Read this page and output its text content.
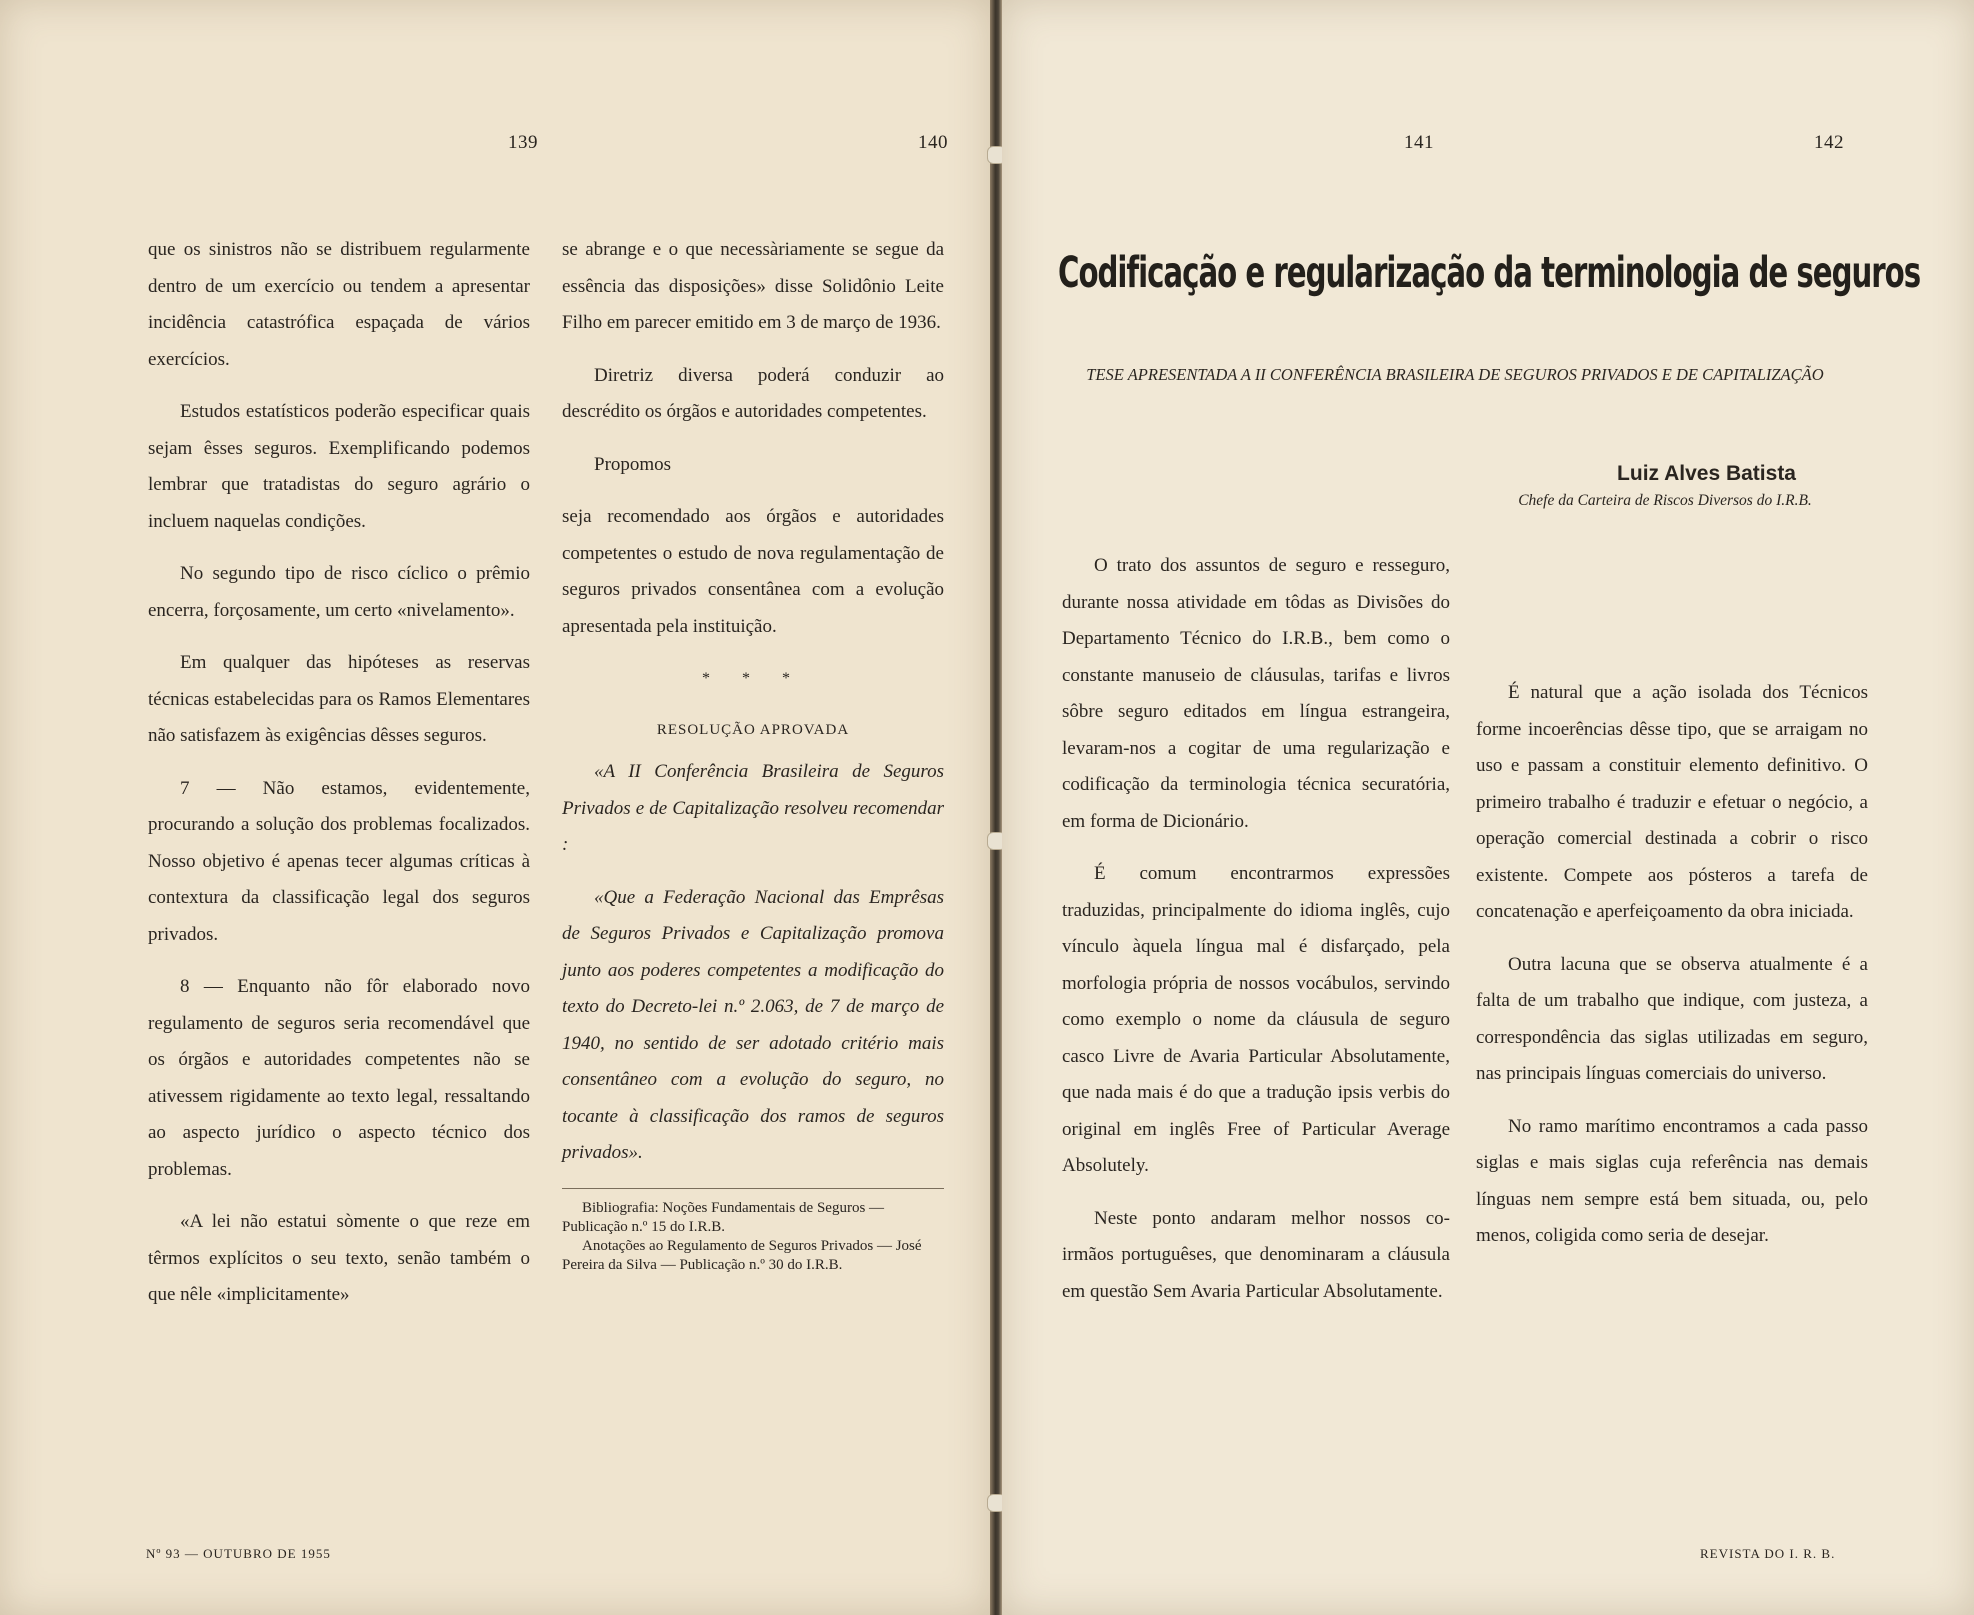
139	140

que os sinistros não se distribuem regularmente dentro de um exercício ou tendem a apresentar incidência catastrófica espaçada de vários exercícios.

Estudos estatísticos poderão especificar quais sejam êsses seguros. Exemplificando podemos lembrar que tratadistas do seguro agrário o incluem naquelas condições.

No segundo tipo de risco cíclico o prêmio encerra, forçosamente, um certo «nivelamento».

Em qualquer das hipóteses as reservas técnicas estabelecidas para os Ramos Elementares não satisfazem às exigências dêsses seguros.

7 — Não estamos, evidentemente, procurando a solução dos problemas focalizados. Nosso objetivo é apenas tecer algumas críticas à contextura da classificação legal dos seguros privados.

8 — Enquanto não fôr elaborado novo regulamento de seguros seria recomendável que os órgãos e autoridades competentes não se ativessem rigidamente ao texto legal, ressaltando ao aspecto jurídico o aspecto técnico dos problemas.

«A lei não estatui sòmente o que reze em têrmos explícitos o seu texto, senão também o que nêle «implicitamente»

se abrange e o que necessàriamente se segue da essência das disposições» disse Solidônio Leite Filho em parecer emitido em 3 de março de 1936.

Diretriz diversa poderá conduzir ao descrédito os órgãos e autoridades competentes.

Propomos

seja recomendado aos órgãos e autoridades competentes o estudo de nova regulamentação de seguros privados consentânea com a evolução apresentada pela instituição.

* * *
RESOLUÇÃO APROVADA

«A II Conferência Brasileira de Seguros Privados e de Capitalização resolveu recomendar :

«Que a Federação Nacional das Emprêsas de Seguros Privados e Capitalização promova junto aos poderes competentes a modificação do texto do Decreto-lei n.º 2.063, de 7 de março de 1940, no sentido de ser adotado critério mais consentâneo com a evolução do seguro, no tocante à classificação dos ramos de seguros privados».

Bibliografia: Noções Fundamentais de Seguros — Publicação n.º 15 do I.R.B.
Anotações ao Regulamento de Seguros Privados — José Pereira da Silva — Publicação n.º 30 do I.R.B.
Nº 93 — OUTUBRO DE 1955
141	142
REVISTA DO I. R. B.
Codificação e regularização da terminologia de seguros
TESE APRESENTADA A II CONFERÊNCIA BRASILEIRA DE SEGUROS PRIVADOS E DE CAPITALIZAÇÃO
Luiz Alves Batista
Chefe da Carteira de Riscos Diversos do I.R.B.

O trato dos assuntos de seguro e resseguro, durante nossa atividade em tôdas as Divisões do Departamento Técnico do I.R.B., bem como o constante manuseio de cláusulas, tarifas e livros sôbre seguro editados em língua estrangeira, levaram-nos a cogitar de uma regularização e codificação da terminologia técnica securatória, em forma de Dicionário.

É comum encontrarmos expressões traduzidas, principalmente do idioma inglês, cujo vínculo àquela língua mal é disfarçado, pela morfologia própria de nossos vocábulos, servindo como exemplo o nome da cláusula de seguro casco Livre de Avaria Particular Absolutamente, que nada mais é do que a tradução ipsis verbis do original em inglês Free of Particular Average Absolutely.

Neste ponto andaram melhor nossos co-irmãos portuguêses, que denominaram a cláusula em questão Sem Avaria Particular Absolutamente.

É natural que a ação isolada dos Técnicos forme incoerências dêsse tipo, que se arraigam no uso e passam a constituir elemento definitivo. O primeiro trabalho é traduzir e efetuar o negócio, a operação comercial destinada a cobrir o risco existente. Compete aos pósteros a tarefa de concatenação e aperfeiçoamento da obra iniciada.

Outra lacuna que se observa atualmente é a falta de um trabalho que indique, com justeza, a correspondência das siglas utilizadas em seguro, nas principais línguas comerciais do universo.

No ramo marítimo encontramos a cada passo siglas e mais siglas cuja referência nas demais línguas nem sempre está bem situada, ou, pelo menos, coligida como seria de desejar.
